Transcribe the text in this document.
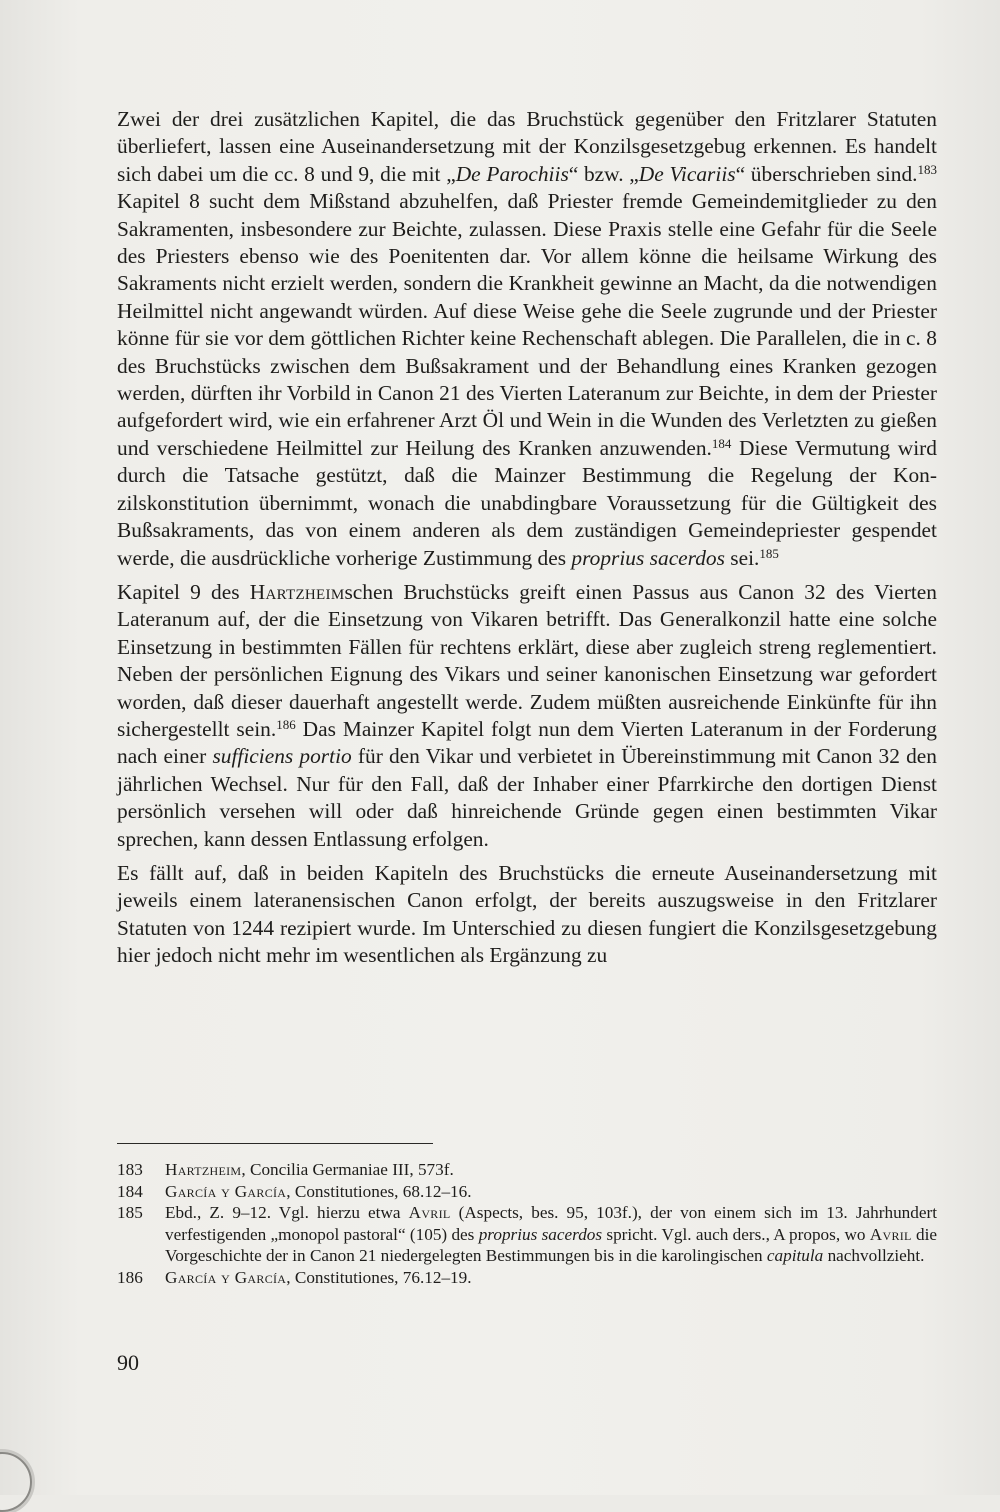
Zwei der drei zusätzlichen Kapitel, die das Bruchstück gegenüber den Fritzlarer Statuten überliefert, lassen eine Auseinandersetzung mit der Konzilsgesetzgebug erkennen. Es handelt sich dabei um die cc. 8 und 9, die mit „De Parochiis“ bzw. „De Vicariis“ überschrieben sind.$^{183}$ Kapitel 8 sucht dem Mißstand abzuhelfen, daß Priester fremde Gemeindemitglieder zu den Sakramenten, insbesondere zur Beichte, zulassen. Diese Praxis stelle eine Gefahr für die Seele des Priesters ebenso wie des Poenitenten dar. Vor allem könne die heilsame Wirkung des Sakraments nicht erzielt werden, sondern die Krankheit gewinne an Macht, da die notwendigen Heilmittel nicht angewandt würden. Auf diese Weise gehe die Seele zugrunde und der Priester könne für sie vor dem göttlichen Richter keine Rechenschaft ablegen. Die Parallelen, die in c. 8 des Bruchstücks zwischen dem Bußsakrament und der Behandlung eines Kranken gezogen werden, dürften ihr Vorbild in Canon 21 des Vierten Lateranum zur Beichte, in dem der Priester aufgefordert wird, wie ein erfahrener Arzt Öl und Wein in die Wunden des Verletzten zu gießen und verschiedene Heilmittel zur Heilung des Kranken anzuwenden.$^{184}$ Diese Vermutung wird durch die Tatsache gestützt, daß die Mainzer Bestimmung die Regelung der Konzilskonstitution übernimmt, wonach die unabdingbare Voraussetzung für die Gültigkeit des Bußsakraments, das von einem anderen als dem zuständigen Gemeindepriester gespendet werde, die ausdrückliche vorherige Zustimmung des proprius sacerdos sei.$^{185}$

Kapitel 9 des Hartzheimschen Bruchstücks greift einen Passus aus Canon 32 des Vierten Lateranum auf, der die Einsetzung von Vikaren betrifft. Das Generalkonzil hatte eine solche Einsetzung in bestimmten Fällen für rechtens erklärt, diese aber zugleich streng reglementiert. Neben der persönlichen Eignung des Vikars und seiner kanonischen Einsetzung war gefordert worden, daß dieser dauerhaft angestellt werde. Zudem müßten ausreichende Einkünfte für ihn sichergestellt sein.$^{186}$ Das Mainzer Kapitel folgt nun dem Vierten Lateranum in der Forderung nach einer sufficiens portio für den Vikar und verbietet in Übereinstimmung mit Canon 32 den jährlichen Wechsel. Nur für den Fall, daß der Inhaber einer Pfarrkirche den dortigen Dienst persönlich versehen will oder daß hinreichende Gründe gegen einen bestimmten Vikar sprechen, kann dessen Entlassung erfolgen.

Es fällt auf, daß in beiden Kapiteln des Bruchstücks die erneute Auseinandersetzung mit jeweils einem lateranensischen Canon erfolgt, der bereits auszugsweise in den Fritzlarer Statuten von 1244 rezipiert wurde. Im Unterschied zu diesen fungiert die Konzilsgesetzgebung hier jedoch nicht mehr im wesentlichen als Ergänzung zu

183	Hartzheim, Concilia Germaniae III, 573f.
184	García y García, Constitutiones, 68.12–16.
185	Ebd., Z. 9–12. Vgl. hierzu etwa Avril (Aspects, bes. 95, 103f.), der von einem sich im 13. Jahrhundert verfestigenden „monopol pastoral“ (105) des proprius sacerdos spricht. Vgl. auch ders., A propos, wo Avril die Vorgeschichte der in Canon 21 niedergelegten Bestimmungen bis in die karolingischen capitula nachvollzieht.
186	García y García, Constitutiones, 76.12–19.
90
